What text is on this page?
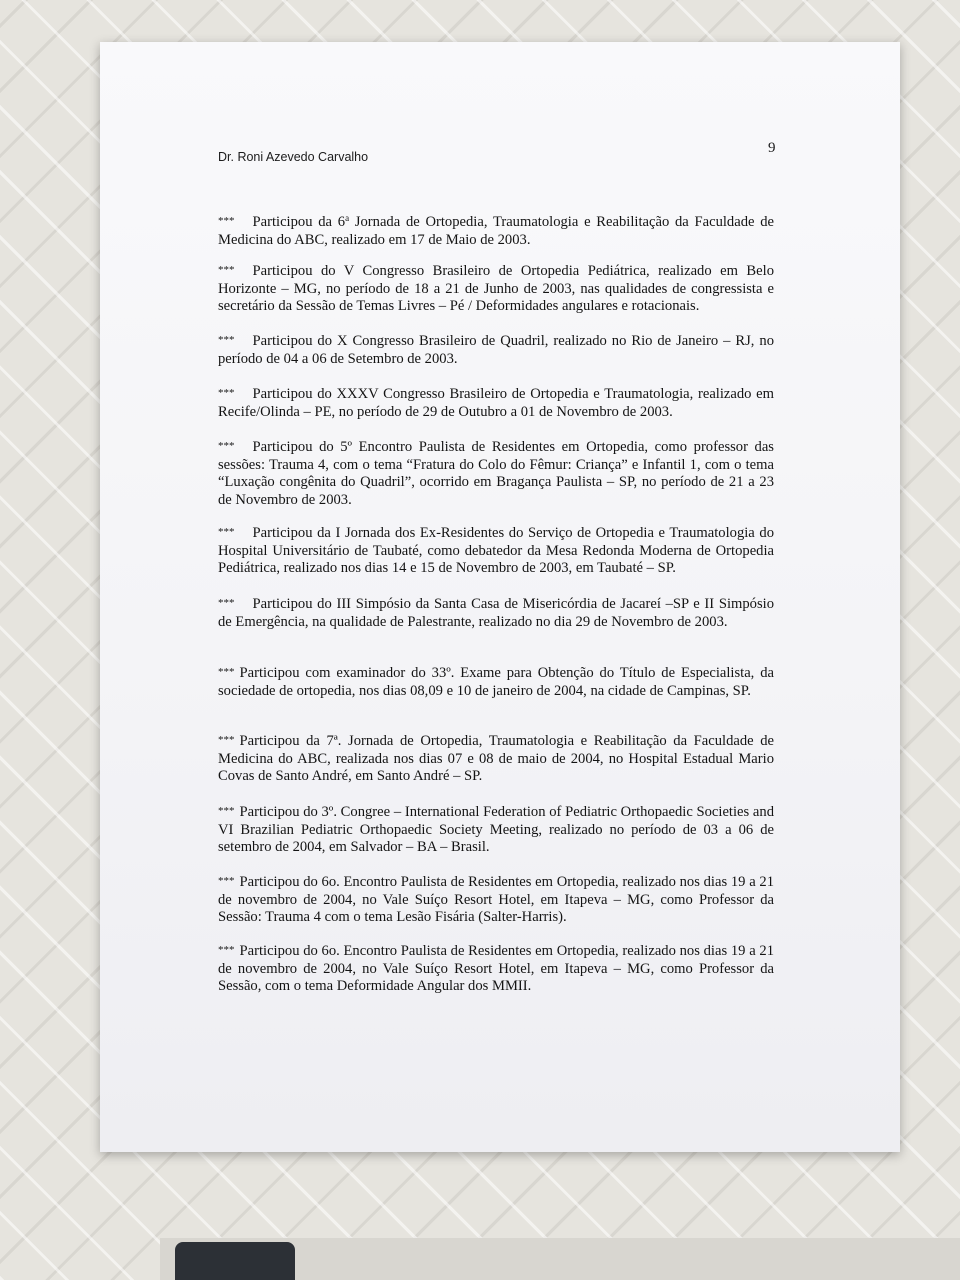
Dr. Roni Azevedo Carvalho
9

*** Participou da 6$^a$ Jornada de Ortopedia, Traumatologia e Reabilitação da Faculdade de Medicina do ABC, realizado em 17 de Maio de 2003.

*** Participou do V Congresso Brasileiro de Ortopedia Pediátrica, realizado em Belo Horizonte – MG, no período de 18 a 21 de Junho de 2003, nas qualidades de congressista e secretário da Sessão de Temas Livres – Pé / Deformidades angulares e rotacionais.

*** Participou do X Congresso Brasileiro de Quadril, realizado no Rio de Janeiro – RJ, no período de 04 a 06 de Setembro de 2003.

*** Participou do XXXV Congresso Brasileiro de Ortopedia e Traumatologia, realizado em Recife/Olinda – PE, no período de 29 de Outubro a 01 de Novembro de 2003.

*** Participou do 5º Encontro Paulista de Residentes em Ortopedia, como professor das sessões: Trauma 4, com o tema “Fratura do Colo do Fêmur: Criança” e Infantil 1, com o tema “Luxação congênita do Quadril”, ocorrido em Bragança Paulista – SP, no período de 21 a 23 de Novembro de 2003.

*** Participou da I Jornada dos Ex-Residentes do Serviço de Ortopedia e Traumatologia do Hospital Universitário de Taubaté, como debatedor da Mesa Redonda Moderna de Ortopedia Pediátrica, realizado nos dias 14 e 15 de Novembro de 2003, em Taubaté – SP.

*** Participou do III Simpósio da Santa Casa de Misericórdia de Jacareí –SP e II Simpósio de Emergência, na qualidade de Palestrante, realizado no dia 29 de Novembro de 2003.

*** Participou com examinador do 33º. Exame para Obtenção do Título de Especialista, da sociedade de ortopedia, nos dias 08,09 e 10 de janeiro de 2004, na cidade de Campinas, SP.

*** Participou da 7ª. Jornada de Ortopedia, Traumatologia e Reabilitação da Faculdade de Medicina do ABC, realizada nos dias 07 e 08 de maio de 2004, no Hospital Estadual Mario Covas de Santo André, em Santo André – SP.

*** Participou do 3º. Congree – International Federation of Pediatric Orthopaedic Societies and VI Brazilian Pediatric Orthopaedic Society Meeting, realizado no período de 03 a 06 de setembro de 2004, em Salvador – BA – Brasil.

*** Participou do 6o. Encontro Paulista de Residentes em Ortopedia, realizado nos dias 19 a 21 de novembro de 2004, no Vale Suíço Resort Hotel, em Itapeva – MG, como Professor da Sessão: Trauma 4 com o tema Lesão Fisária (Salter-Harris).

*** Participou do 6o. Encontro Paulista de Residentes em Ortopedia, realizado nos dias 19 a 21 de novembro de 2004, no Vale Suíço Resort Hotel, em Itapeva – MG, como Professor da Sessão, com o tema Deformidade Angular dos MMII.
